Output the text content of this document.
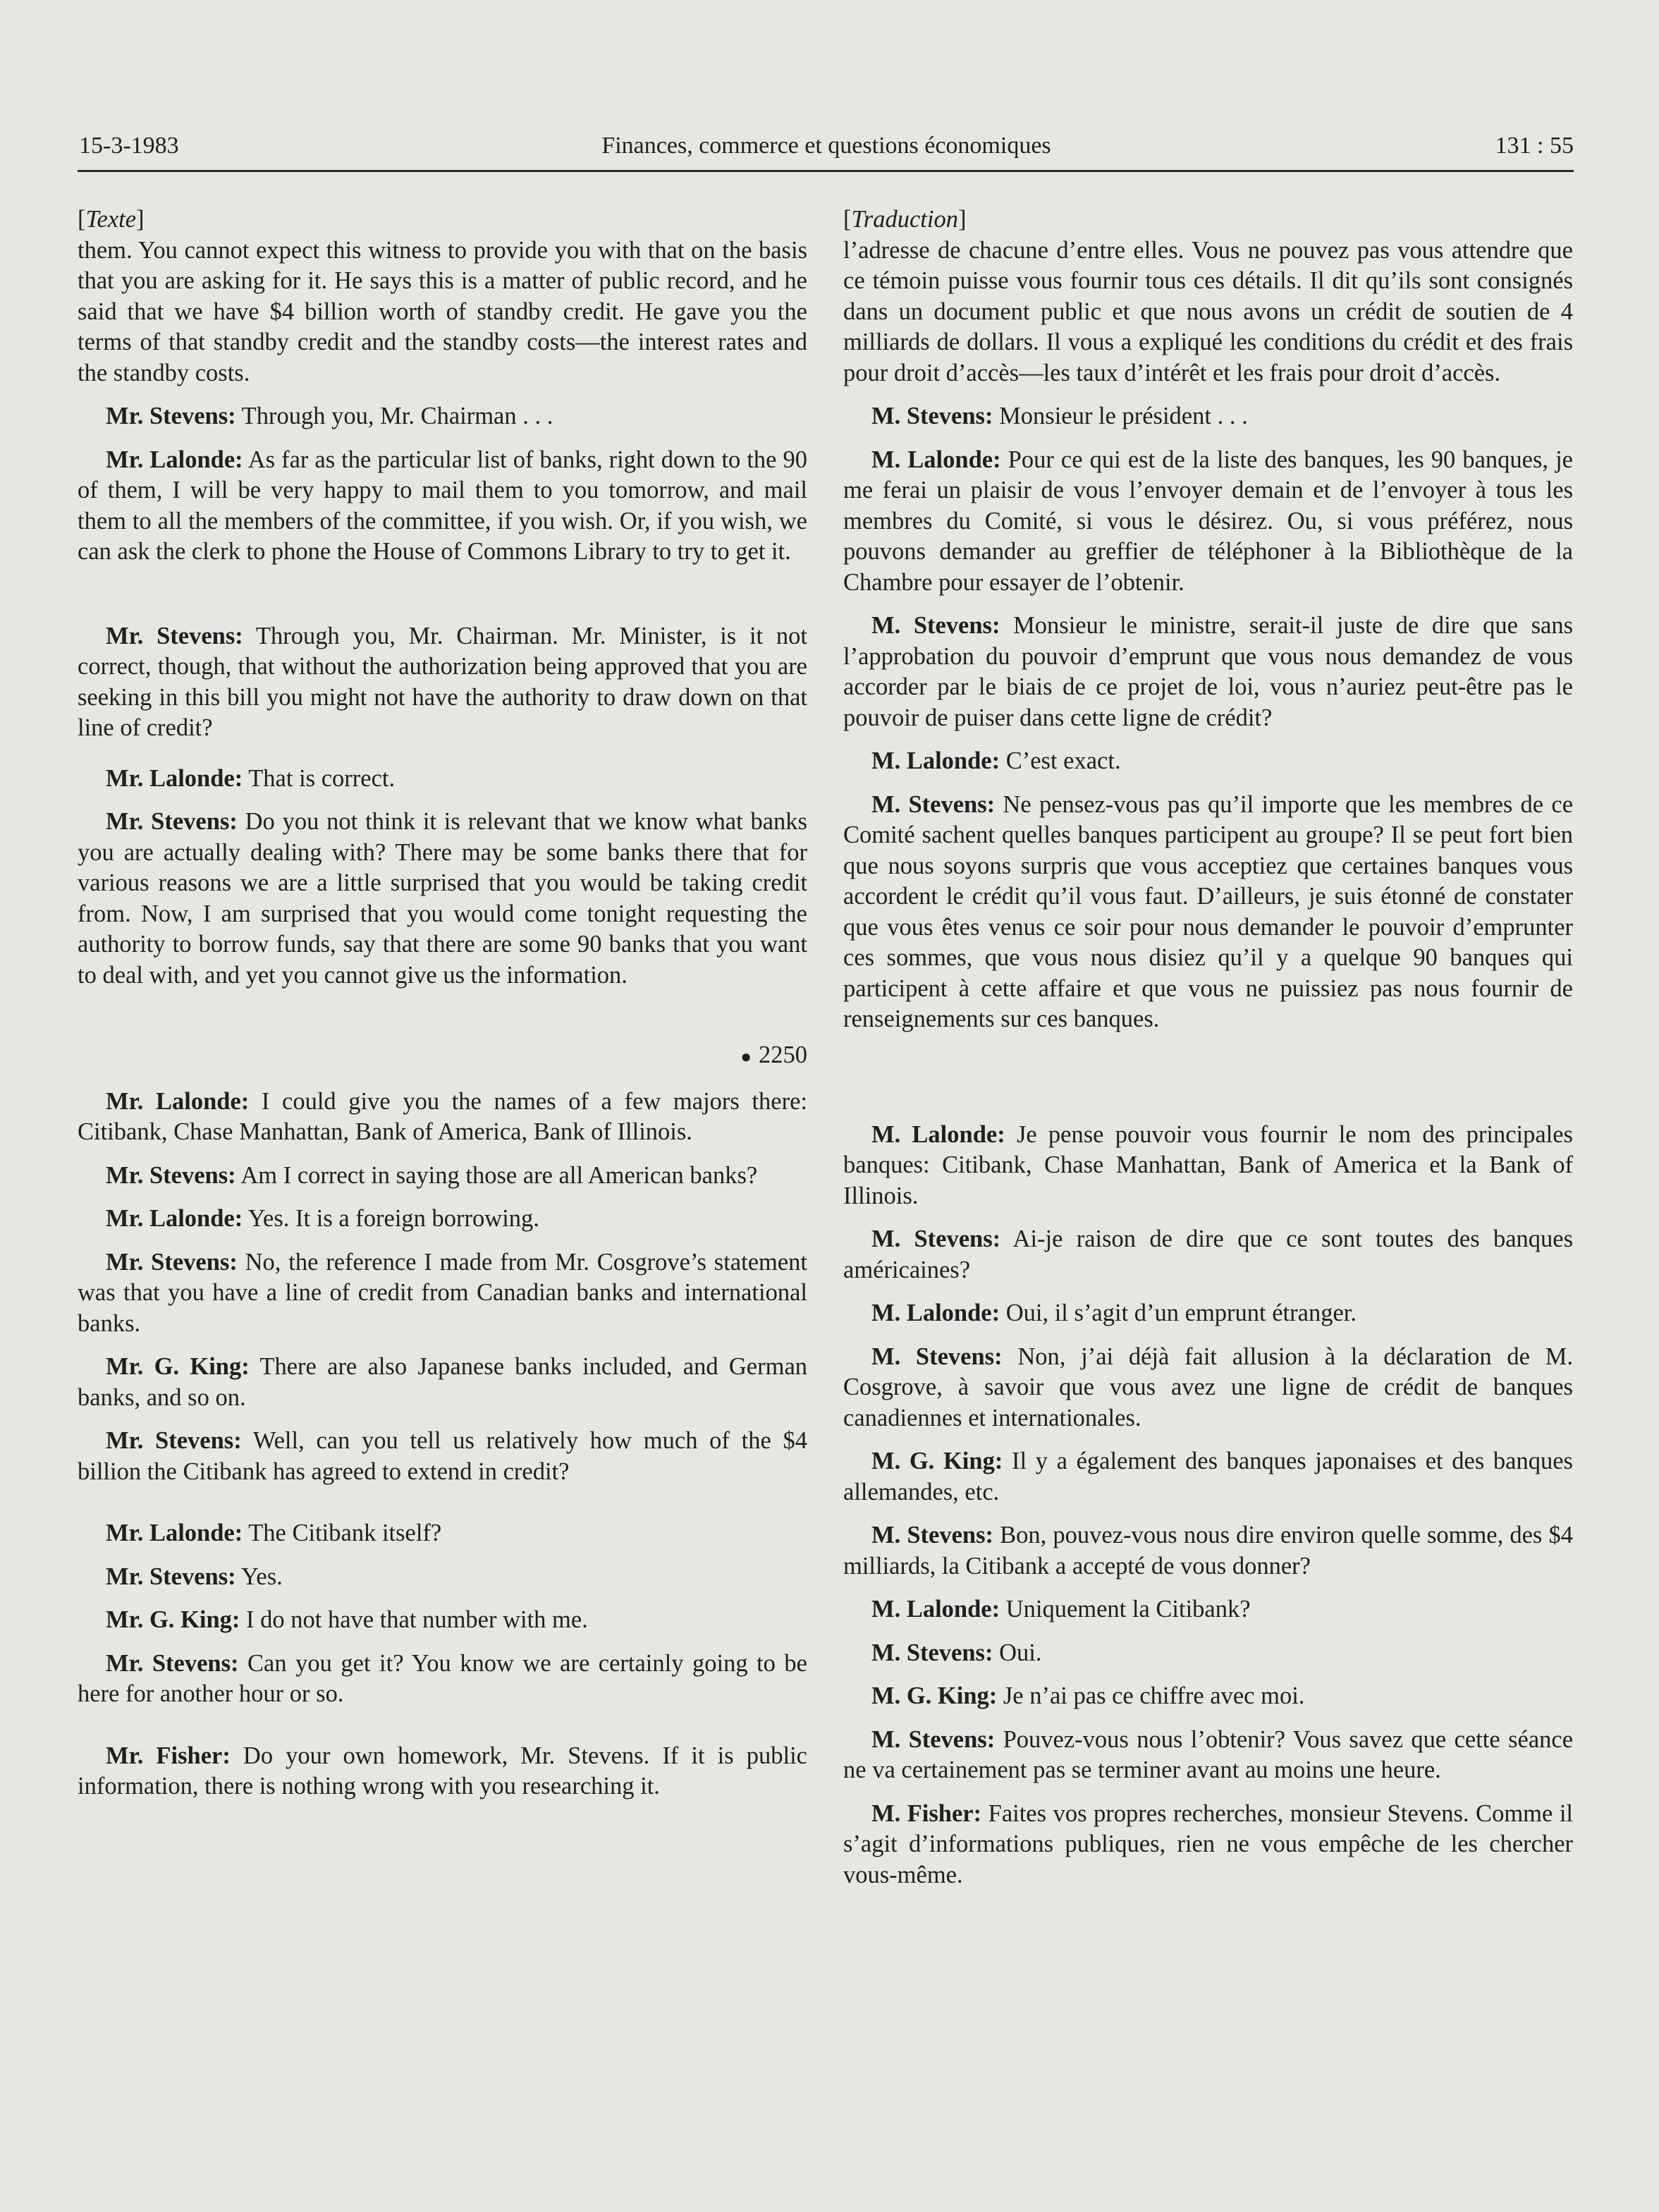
15-3-1983	Finances, commerce et questions économiques	131 : 55

[Texte]

them. You cannot expect this witness to provide you with that on the basis that you are asking for it. He says this is a matter of public record, and he said that we have $4 billion worth of standby credit. He gave you the terms of that standby credit and the standby costs—the interest rates and the standby costs.

Mr. Stevens: Through you, Mr. Chairman . . .

Mr. Lalonde: As far as the particular list of banks, right down to the 90 of them, I will be very happy to mail them to you tomorrow, and mail them to all the members of the committee, if you wish. Or, if you wish, we can ask the clerk to phone the House of Commons Library to try to get it.

Mr. Stevens: Through you, Mr. Chairman. Mr. Minister, is it not correct, though, that without the authorization being approved that you are seeking in this bill you might not have the authority to draw down on that line of credit?

Mr. Lalonde: That is correct.

Mr. Stevens: Do you not think it is relevant that we know what banks you are actually dealing with? There may be some banks there that for various reasons we are a little surprised that you would be taking credit from. Now, I am surprised that you would come tonight requesting the authority to borrow funds, say that there are some 90 banks that you want to deal with, and yet you cannot give us the information.

● 2250

Mr. Lalonde: I could give you the names of a few majors there: Citibank, Chase Manhattan, Bank of America, Bank of Illinois.

Mr. Stevens: Am I correct in saying those are all American banks?

Mr. Lalonde: Yes. It is a foreign borrowing.

Mr. Stevens: No, the reference I made from Mr. Cosgrove’s statement was that you have a line of credit from Canadian banks and international banks.

Mr. G. King: There are also Japanese banks included, and German banks, and so on.

Mr. Stevens: Well, can you tell us relatively how much of the $4 billion the Citibank has agreed to extend in credit?

Mr. Lalonde: The Citibank itself?

Mr. Stevens: Yes.

Mr. G. King: I do not have that number with me.

Mr. Stevens: Can you get it? You know we are certainly going to be here for another hour or so.

Mr. Fisher: Do your own homework, Mr. Stevens. If it is public information, there is nothing wrong with you researching it.

[Traduction]

l’adresse de chacune d’entre elles. Vous ne pouvez pas vous attendre que ce témoin puisse vous fournir tous ces détails. Il dit qu’ils sont consignés dans un document public et que nous avons un crédit de soutien de 4 milliards de dollars. Il vous a expliqué les conditions du crédit et des frais pour droit d’accès—les taux d’intérêt et les frais pour droit d’accès.

M. Stevens: Monsieur le président . . .

M. Lalonde: Pour ce qui est de la liste des banques, les 90 banques, je me ferai un plaisir de vous l’envoyer demain et de l’envoyer à tous les membres du Comité, si vous le désirez. Ou, si vous préférez, nous pouvons demander au greffier de téléphoner à la Bibliothèque de la Chambre pour essayer de l’obtenir.

M. Stevens: Monsieur le ministre, serait-il juste de dire que sans l’approbation du pouvoir d’emprunt que vous nous demandez de vous accorder par le biais de ce projet de loi, vous n’auriez peut-être pas le pouvoir de puiser dans cette ligne de crédit?

M. Lalonde: C’est exact.

M. Stevens: Ne pensez-vous pas qu’il importe que les membres de ce Comité sachent quelles banques participent au groupe? Il se peut fort bien que nous soyons surpris que vous acceptiez que certaines banques vous accordent le crédit qu’il vous faut. D’ailleurs, je suis étonné de constater que vous êtes venus ce soir pour nous demander le pouvoir d’emprunter ces sommes, que vous nous disiez qu’il y a quelque 90 banques qui participent à cette affaire et que vous ne puissiez pas nous fournir de renseignements sur ces banques.

M. Lalonde: Je pense pouvoir vous fournir le nom des principales banques: Citibank, Chase Manhattan, Bank of America et la Bank of Illinois.

M. Stevens: Ai-je raison de dire que ce sont toutes des banques américaines?

M. Lalonde: Oui, il s’agit d’un emprunt étranger.

M. Stevens: Non, j’ai déjà fait allusion à la déclaration de M. Cosgrove, à savoir que vous avez une ligne de crédit de banques canadiennes et internationales.

M. G. King: Il y a également des banques japonaises et des banques allemandes, etc.

M. Stevens: Bon, pouvez-vous nous dire environ quelle somme, des $4 milliards, la Citibank a accepté de vous donner?

M. Lalonde: Uniquement la Citibank?

M. Stevens: Oui.

M. G. King: Je n’ai pas ce chiffre avec moi.

M. Stevens: Pouvez-vous nous l’obtenir? Vous savez que cette séance ne va certainement pas se terminer avant au moins une heure.

M. Fisher: Faites vos propres recherches, monsieur Stevens. Comme il s’agit d’informations publiques, rien ne vous empêche de les chercher vous-même.
